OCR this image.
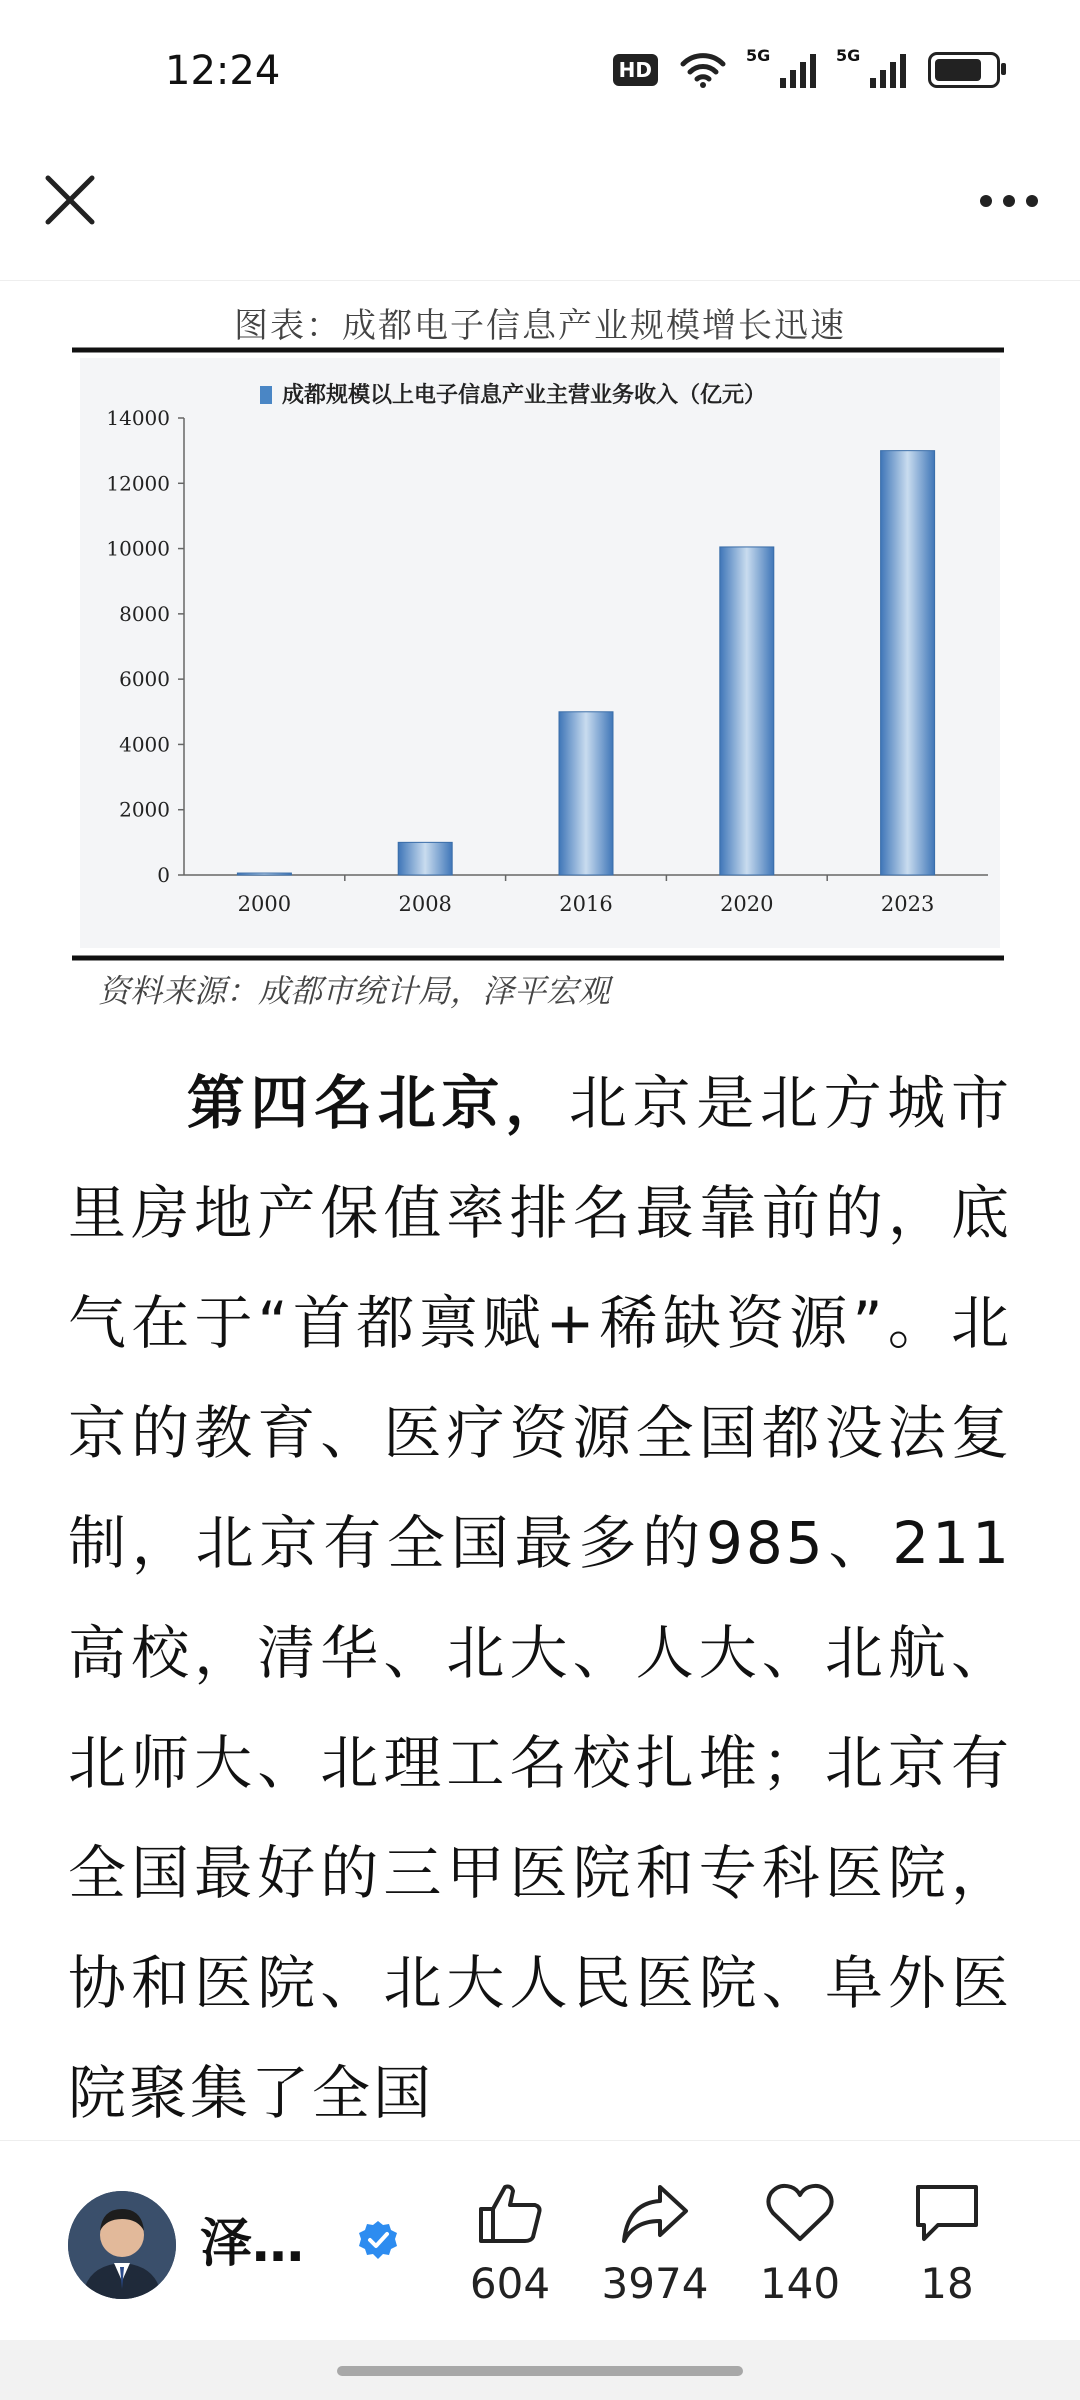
12:24	HD
5G	5G
图表：成都电子信息产业规模增长迅速
成都规模以上电子信息产业主营业务收入（亿元）
0
2000
4000
6000
8000
10000
12000
14000
2000	2008	2016	2020	2023
资料来源：成都市统计局，泽平宏观
第四名北京，北京是北方城市里房地产保值率排名最靠前的，底气在于“首都禀赋+稀缺资源”。北京的教育、医疗资源全国都没法复制，北京有全国最多的985、211高校，清华、北大、人大、北航、北师大、北理工名校扎堆；北京有全国最好的三甲医院和专科医院，协和医院、北大人民医院、阜外医院聚集了全国
泽…
604	3974	140	18
